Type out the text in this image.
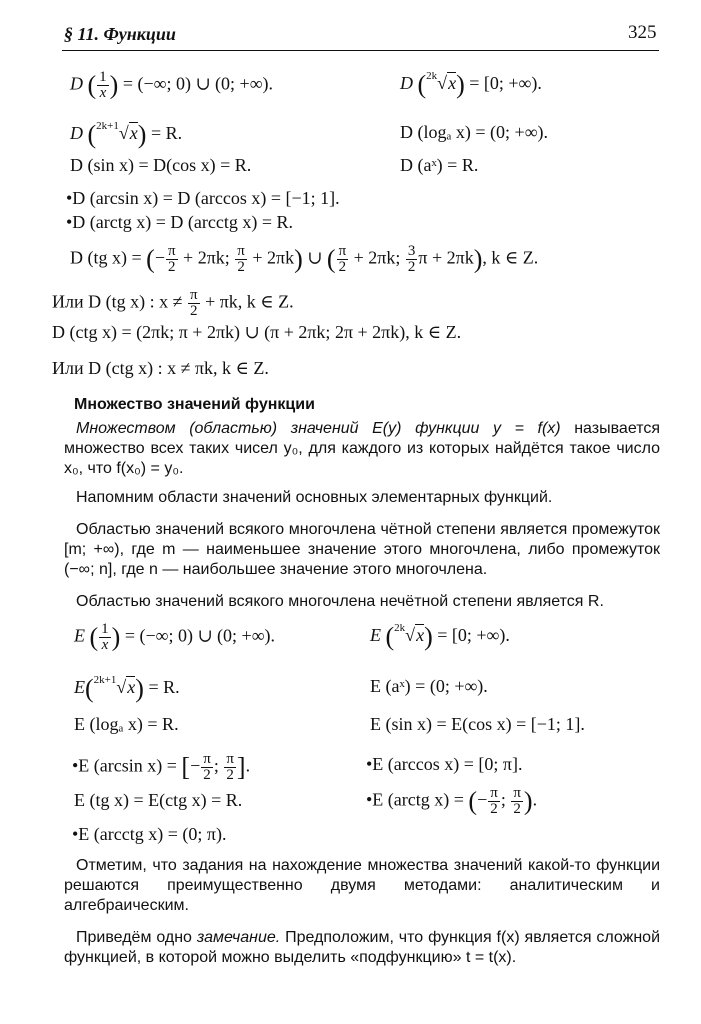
§ 11. Функции	325
D ( $\frac{1}{x}$ ) = (−∞; 0) ∪ (0; +∞).	D ($^{2k}$√x) = [0; +∞).
D ($^{2k+1}$√x) = R.	D (logₐ x) = (0; +∞).
D (sin x) = D(cos x) = R.	D (aˣ) = R.
•D (arcsin x) = D (arccos x) = [−1; 1].
•D (arctg x) = D (arcctg x) = R.
D (tg x) = (− $\frac{\pi}{2} + 2\pi k$; $\frac{\pi}{2} + 2\pi k$) ∪ ( $\frac{\pi}{2} + 2\pi k$; $\frac{3}{2}$ π + 2πk), k ∈ Z.
Или D (tg x) : $x \ne \frac{\pi}{2} + \pi k$, k ∈ Z.
D (ctg x) = (2πk; π + 2πk) ∪ (π + 2πk; 2π + 2πk), k ∈ Z.
Или D (ctg x) : x ≠ πk, k ∈ Z.
Множество значений функции
Множеством (областью) значений E(y) функции y = f(x) называется множество всех таких чисел y₀, для каждого из которых найдётся такое число x₀, что f(x₀) = y₀.
Напомним области значений основных элементарных функций.
Областью значений всякого многочлена чётной степени является промежуток [m; +∞), где m — наименьшее значение этого многочлена, либо промежуток (−∞; n], где n — наибольшее значение этого многочлена.
Областью значений всякого многочлена нечётной степени является R.
E ( $\frac{1}{x}$ ) = (−∞; 0) ∪ (0; +∞).	E ($^{2k}$√x) = [0; +∞).
E($^{2k+1}$√x) = R.	E (aˣ) = (0; +∞).
E (logₐ x) = R.	E (sin x) = E(cos x) = [−1; 1].
•E (arcsin x) = [− $\frac{\pi}{2}$ ; $\frac{\pi}{2}$ ].	•E (arccos x) = [0; π].
E (tg x) = E(ctg x) = R.	•E (arctg x) = (− $\frac{\pi}{2}$ ; $\frac{\pi}{2}$ ).
•E (arcctg x) = (0; π).
Отметим, что задания на нахождение множества значений какой-то функции решаются преимущественно двумя методами: аналитическим и алгебраическим.
Приведём одно замечание. Предположим, что функция f(x) является сложной функцией, в которой можно выделить «подфункцию» t = t(x).
